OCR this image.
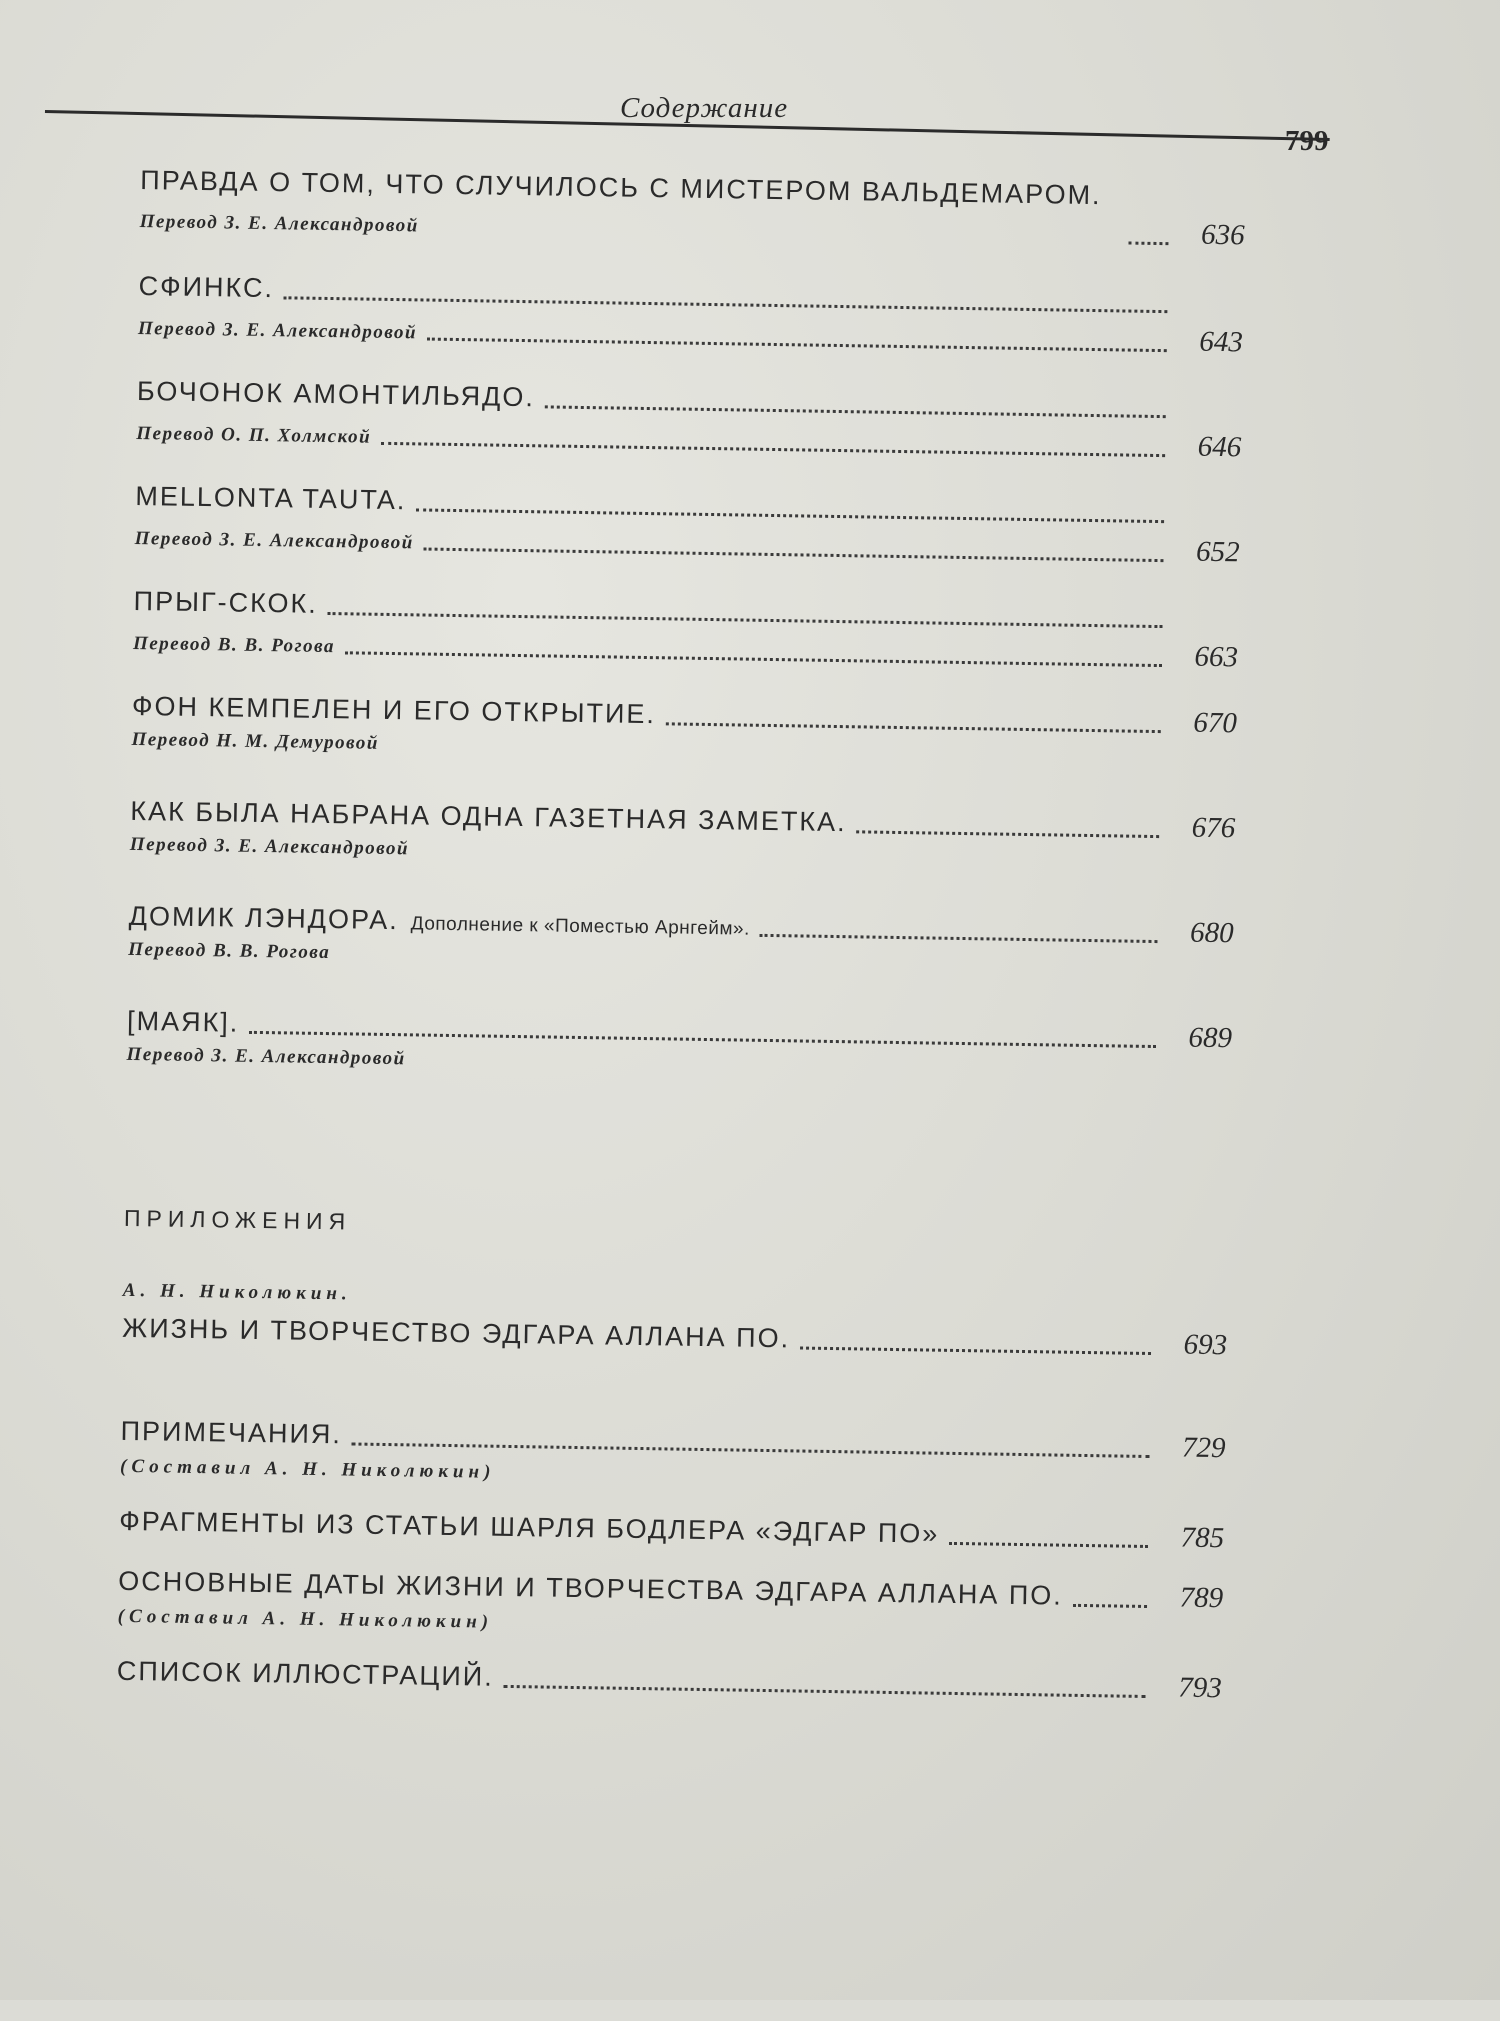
Содержание
799
ПРАВДА О ТОМ, ЧТО СЛУЧИЛОСЬ С МИСТЕРОМ ВАЛЬДЕМАРОМ.
Перевод З. Е. Александровой	636
СФИНКС.
Перевод З. Е. Александровой	643
БОЧОНОК АМОНТИЛЬЯДО.
Перевод О. П. Холмской	646
MELLONTA TAUTA.
Перевод З. Е. Александровой	652
ПРЫГ-СКОК.
Перевод В. В. Рогова	663
ФОН КЕМПЕЛЕН И ЕГО ОТКРЫТИЕ.	670
Перевод Н. М. Демуровой
КАК БЫЛА НАБРАНА ОДНА ГАЗЕТНАЯ ЗАМЕТКА.	676
Перевод З. Е. Александровой
ДОМИК ЛЭНДОРА. Дополнение к «Поместью Арнгейм».	680
Перевод В. В. Рогова
[МАЯК].	689
Перевод З. Е. Александровой
ПРИЛОЖЕНИЯ
А. Н. Николюкин.
ЖИЗНЬ И ТВОРЧЕСТВО ЭДГАРА АЛЛАНА ПО.	693
ПРИМЕЧАНИЯ.	729
(Составил А. Н. Николюкин)
ФРАГМЕНТЫ ИЗ СТАТЬИ ШАРЛЯ БОДЛЕРА «ЭДГАР ПО»	785
ОСНОВНЫЕ ДАТЫ ЖИЗНИ И ТВОРЧЕСТВА ЭДГАРА АЛЛАНА ПО.	789
(Составил А. Н. Николюкин)
СПИСОК ИЛЛЮСТРАЦИЙ.	793
